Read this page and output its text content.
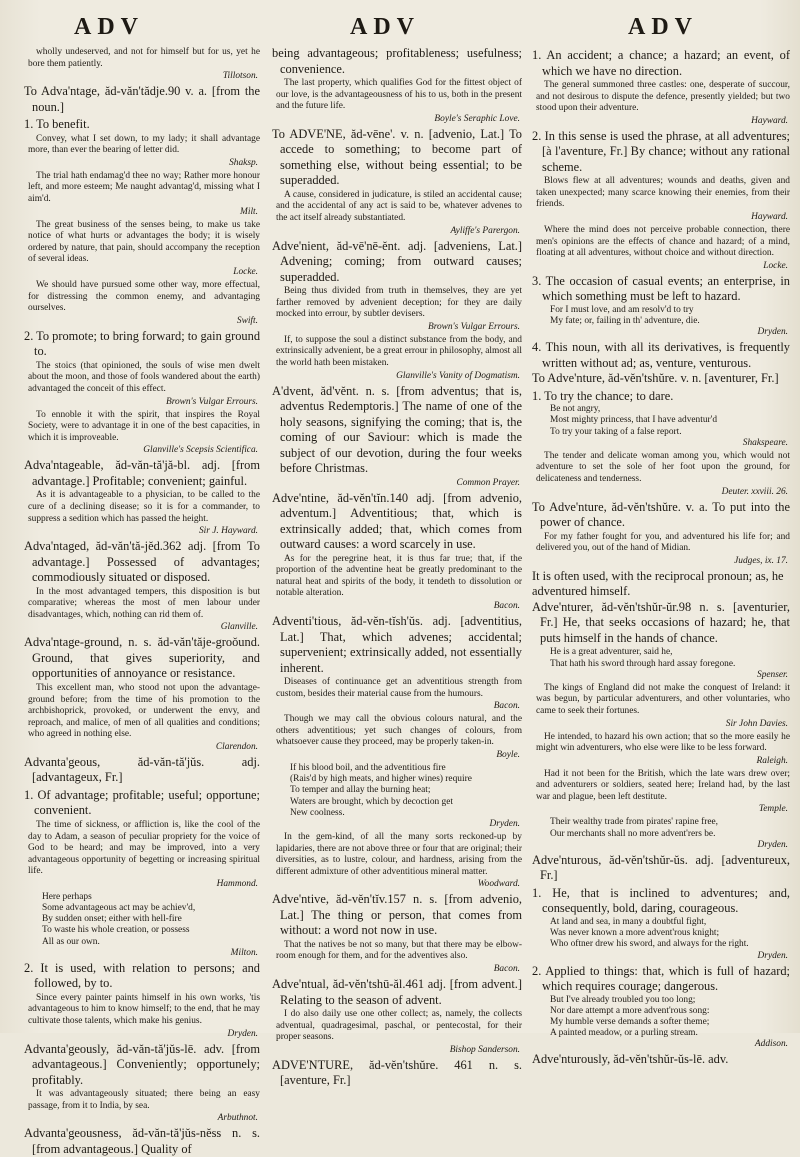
ADV	ADV	ADV
wholly undeserved, and not for himself but for us, yet he bore them patiently.
Tillotson.
To Adva'ntage, ăd-văn'tădje.90 v. a. [from the noun.]
1. To benefit.
Convey, what I set down, to my lady; it shall advantage more, than ever the bearing of letter did.
Shaksp.
The trial hath endamag'd thee no way; Rather more honour left, and more esteem; Me naught advantag'd, missing what I aim'd.
Milt.
The great business of the senses being, to make us take notice of what hurts or advantages the body; it is wisely ordered by nature, that pain, should accompany the reception of several ideas.
Locke.
We should have pursued some other way, more effectual, for distressing the common enemy, and advantaging ourselves.
Swift.
2. To promote; to bring forward; to gain ground to.
The stoics (that opinioned, the souls of wise men dwelt about the moon, and those of fools wandered about the earth) advantaged the conceit of this effect.
Brown's Vulgar Errours.
To ennoble it with the spirit, that inspires the Royal Society, were to advantage it in one of the best capacities, in which it is improveable.
Glanville's Scepsis Scientifica.
Adva'ntageable, ăd-văn-tă'jă-bl. adj. [from advantage.] Profitable; convenient; gainful.
As it is advantageable to a physician, to be called to the cure of a declining disease; so it is for a commander, to suppress a sedition which has passed the height.
Sir J. Hayward.
Adva'ntaged, ăd-văn'tă-jĕd.362 adj. [from To advantage.] Possessed of advantages; commodiously situated or disposed.
In the most advantaged tempers, this disposition is but comparative; whereas the most of men labour under disadvantages, which, nothing can rid them of.
Glanville.
Adva'ntage-ground, n. s. ăd-văn'tăje-groǒund. Ground, that gives superiority, and opportunities of annoyance or resistance.
This excellent man, who stood not upon the advantage-ground before; from the time of his promotion to the archbishoprick, provoked, or underwent the envy, and reproach, and malice, of men of all qualities and conditions; who agreed in nothing else.
Clarendon.
Advanta'geous, ăd-văn-tă'jŭs. adj. [advantageux, Fr.]
1. Of advantage; profitable; useful; opportune; convenient.
The time of sickness, or affliction is, like the cool of the day to Adam, a season of peculiar propriety for the voice of God to be heard; and may be improved, into a very advantageous opportunity of begetting or increasing spiritual life.
Hammond.
Here perhaps
Some advantageous act may be achiev'd,
By sudden onset; either with hell-fire
To waste his whole creation, or possess
All as our own.
Milton.
2. It is used, with relation to persons; and followed, by to.
Since every painter paints himself in his own works, 'tis advantageous to him to know himself; to the end, that he may cultivate those talents, which make his genius.
Dryden.
Advanta'geously, ăd-văn-tă'jŭs-lē. adv. [from advantageous.] Conveniently; opportunely; profitably.
It was advantageously situated; there being an easy passage, from it to India, by sea.
Arbuthnot.
Advanta'geousness, ăd-văn-tă'jŭs-nĕss n. s. [from advantageous.] Quality of
being advantageous; profitableness; usefulness; convenience.
The last property, which qualifies God for the fittest object of our love, is the advantageousness of his to us, both in the present and the future life.
Boyle's Seraphic Love.
To ADVE'NE, ăd-vēne'. v. n. [advenio, Lat.] To accede to something; to become part of something else, without being essential; to be superadded.
A cause, considered in judicature, is stiled an accidental cause; and the accidental of any act is said to be, whatever advenes to the act itself already substantiated.
Ayliffe's Parergon.
Adve'nient, ăd-vē'nē-ĕnt. adj. [adveniens, Lat.] Advening; coming; from outward causes; superadded.
Being thus divided from truth in themselves, they are yet farther removed by advenient deception; for they are daily mocked into errour, by subtler devisers.
Brown's Vulgar Errours.
If, to suppose the soul a distinct substance from the body, and extrinsically advenient, be a great errour in philosophy, almost all the world hath been mistaken.
Glanville's Vanity of Dogmatism.
A'dvent, ăd'vĕnt. n. s. [from adventus; that is, adventus Redemptoris.] The name of one of the holy seasons, signifying the coming; that is, the coming of our Saviour: which is made the subject of our devotion, during the four weeks before Christmas.
Common Prayer.
Adve'ntine, ăd-vĕn'tĭn.140 adj. [from advenio, adventum.] Adventitious; that, which is extrinsically added; that, which comes from outward causes: a word scarcely in use.
As for the peregrine heat, it is thus far true; that, if the proportion of the adventine heat be greatly predominant to the natural heat and spirits of the body, it tendeth to dissolution or notable alteration.
Bacon.
Adventi'tious, ăd-vĕn-tĭsh'ŭs. adj. [adventitius, Lat.] That, which advenes; accidental; supervenient; extrinsically added, not essentially inherent.
Diseases of continuance get an adventitious strength from custom, besides their material cause from the humours.
Bacon.
Though we may call the obvious colours natural, and the others adventitious; yet such changes of colours, from whatsoever cause they proceed, may be properly taken-in.
Boyle.
If his blood boil, and the adventitious fire
(Rais'd by high meats, and higher wines) require
To temper and allay the burning heat;
Waters are brought, which by decoction get
New coolness.
Dryden.
In the gem-kind, of all the many sorts reckoned-up by lapidaries, there are not above three or four that are original; their diversities, as to lustre, colour, and hardness, arising from the different admixture of other adventitious mineral matter.
Woodward.
Adve'ntive, ăd-vĕn'tĭv.157 n. s. [from advenio, Lat.] The thing or person, that comes from without: a word not now in use.
That the natives be not so many, but that there may be elbow-room enough for them, and for the adventives also.
Bacon.
Adve'ntual, ăd-vĕn'tshū-ăl.461 adj. [from advent.] Relating to the season of advent.
I do also daily use one other collect; as, namely, the collects adventual, quadragesimal, paschal, or pentecostal, for their proper seasons.
Bishop Sanderson.
ADVE'NTURE, ăd-vĕn'tshŭre. 461 n. s. [aventure, Fr.]
1. An accident; a chance; a hazard; an event, of which we have no direction.
The general summoned three castles: one, desperate of succour, and not desirous to dispute the defence, presently yielded; but two stood upon their adventure.
Hayward.
2. In this sense is used the phrase, at all adventures; [à l'aventure, Fr.] By chance; without any rational scheme.
Blows flew at all adventures; wounds and deaths, given and taken unexpected; many scarce knowing their enemies, from their friends.
Hayward.
Where the mind does not perceive probable connection, there men's opinions are the effects of chance and hazard; of a mind, floating at all adventures, without choice and without direction.
Locke.
3. The occasion of casual events; an enterprise, in which something must be left to hazard.
For I must love, and am resolv'd to try
My fate; or, failing in th' adventure, die.
Dryden.
4. This noun, with all its derivatives, is frequently written without ad; as, venture, venturous.
To Adve'nture, ăd-vĕn'tshŭre. v. n. [aventurer, Fr.]
1. To try the chance; to dare.
Be not angry,
Most mighty princess, that I have adventur'd
To try your taking of a false report.
Shakspeare.
The tender and delicate woman among you, which would not adventure to set the sole of her foot upon the ground, for delicateness and tenderness.
Deuter. xxviii. 26.
To Adve'nture, ăd-vĕn'tshŭre. v. a. To put into the power of chance.
For my father fought for you, and adventured his life for; and delivered you, out of the hand of Midian.
Judges, ix. 17.
It is often used, with the reciprocal pronoun; as, he adventured himself.
Adve'nturer, ăd-vĕn'tshŭr-ŭr.98 n. s. [aventurier, Fr.] He, that seeks occasions of hazard; he, that puts himself in the hands of chance.
He is a great adventurer, said he,
That hath his sword through hard assay foregone.
Spenser.
The kings of England did not make the conquest of Ireland: it was begun, by particular adventurers, and other voluntaries, who came to seek their fortunes.
Sir John Davies.
He intended, to hazard his own action; that so the more easily he might win adventurers, who else were like to be less forward.
Raleigh.
Had it not been for the British, which the late wars drew over; and adventurers or soldiers, seated here; Ireland had, by the last war and plague, been left destitute.
Temple.
Their wealthy trade from pirates' rapine free,
Our merchants shall no more advent'rers be.
Dryden.
Adve'nturous, ăd-vĕn'tshŭr-ŭs. adj. [adventureux, Fr.]
1. He, that is inclined to adventures; and, consequently, bold, daring, courageous.
At land and sea, in many a doubtful fight,
Was never known a more advent'rous knight;
Who oftner drew his sword, and always for the right.
Dryden.
2. Applied to things: that, which is full of hazard; which requires courage; dangerous.
But I've already troubled you too long;
Nor dare attempt a more advent'rous song:
My humble verse demands a softer theme;
A painted meadow, or a purling stream.
Addison.
Adve'nturously, ăd-vĕn'tshŭr-ŭs-lē. adv.
